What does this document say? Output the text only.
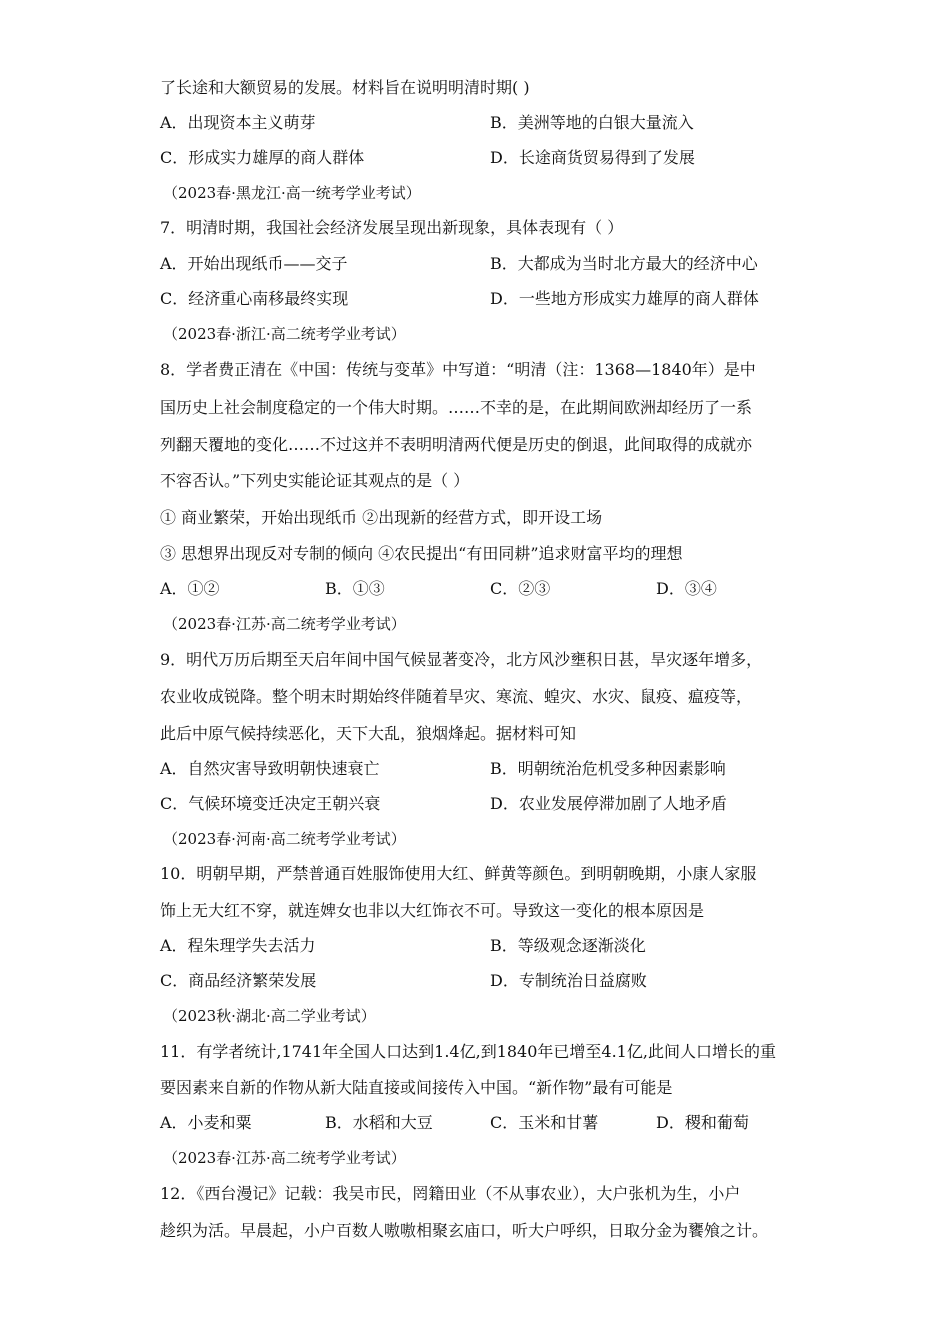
了长途和大额贸易的发展。材料旨在说明明清时期( )
A．出现资本主义萌芽	B．美洲等地的白银大量流入
C．形成实力雄厚的商人群体	D．长途商货贸易得到了发展
（2023春·黑龙江·高一统考学业考试）
7．明清时期，我国社会经济发展呈现出新现象，具体表现有（ ）
A．开始出现纸币——交子	B．大都成为当时北方最大的经济中心
C．经济重心南移最终实现	D．一些地方形成实力雄厚的商人群体
（2023春·浙江·高二统考学业考试）
8．学者费正清在《中国：传统与变革》中写道：“明清（注：1368—1840年）是中
国历史上社会制度稳定的一个伟大时期。……不幸的是，在此期间欧洲却经历了一系
列翻天覆地的变化……不过这并不表明明清两代便是历史的倒退，此间取得的成就亦
不容否认。”下列史实能论证其观点的是（ ）
① 商业繁荣，开始出现纸币 ②出现新的经营方式，即开设工场
③ 思想界出现反对专制的倾向 ④农民提出“有田同耕”追求财富平均的理想
A．①②	B．①③	C．②③	D．③④
（2023春·江苏·高二统考学业考试）
9．明代万历后期至天启年间中国气候显著变冷，北方风沙壅积日甚，旱灾逐年增多，
农业收成锐降。整个明末时期始终伴随着旱灾、寒流、蝗灾、水灾、鼠疫、瘟疫等，
此后中原气候持续恶化，天下大乱，狼烟烽起。据材料可知
A．自然灾害导致明朝快速衰亡	B．明朝统治危机受多种因素影响
C．气候环境变迁决定王朝兴衰	D．农业发展停滞加剧了人地矛盾
（2023春·河南·高二统考学业考试）
10．明朝早期，严禁普通百姓服饰使用大红、鲜黄等颜色。到明朝晚期，小康人家服
饰上无大红不穿，就连婢女也非以大红饰衣不可。导致这一变化的根本原因是
A．程朱理学失去活力	B．等级观念逐渐淡化
C．商品经济繁荣发展	D．专制统治日益腐败
（2023秋·湖北·高二学业考试）
11．有学者统计,1741年全国人口达到1.4亿,到1840年已增至4.1亿,此间人口增长的重
要因素来自新的作物从新大陆直接或间接传入中国。“新作物”最有可能是
A．小麦和粟	B．水稻和大豆	C．玉米和甘薯	D．稷和葡萄
（2023春·江苏·高二统考学业考试）
12．《西台漫记》记载：我吴市民，罔籍田业（不从事农业），大户张机为生，小户
趁织为活。早晨起，小户百数人嗷嗷相聚玄庙口，听大户呼织，日取分金为饔飧之计。
